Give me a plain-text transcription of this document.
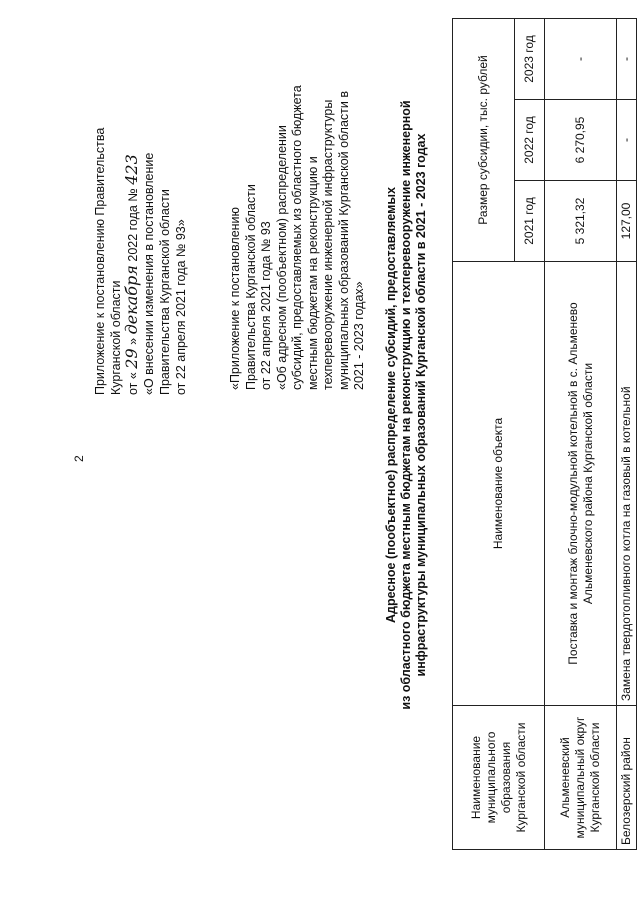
2
Приложение к постановлению Правительства Курганской области от « 29 » декабря 2022 года № 423 «О внесении изменения в постановление Правительства Курганской области от 22 апреля 2021 года № 93»	«Приложение к постановлению Правительства Курганской области от 22 апреля 2021 года № 93 «Об адресном (пообъектном) распределении субсидий, предоставляемых из областного бюджета местным бюджетам на реконструкцию и техперевооружение инженерной инфраструктуры муниципальных образований Курганской области в 2021 - 2023 годах» Адресное (пообъектное) распределение субсидий, предоставляемых из областного бюджета местным бюджетам на реконструкцию и техперевооружение инженерной инфраструктуры муниципальных образований Курганской области в 2021 - 2023 годах
Наименование муниципального образования Курганской области	Наименование объекта	Размер субсидии, тыс. рублей		
		2021 год	2022 год	2023 год
Альменевский муниципальный округ Курганской области	Поставка и монтаж блочно-модульной котельной в с. Альменево Альменевского района Курганской области	5 321,32	6 270,95	-
Белозерский район	Замена твердотопливного котла на газовый в котельной	127,00	-	-
